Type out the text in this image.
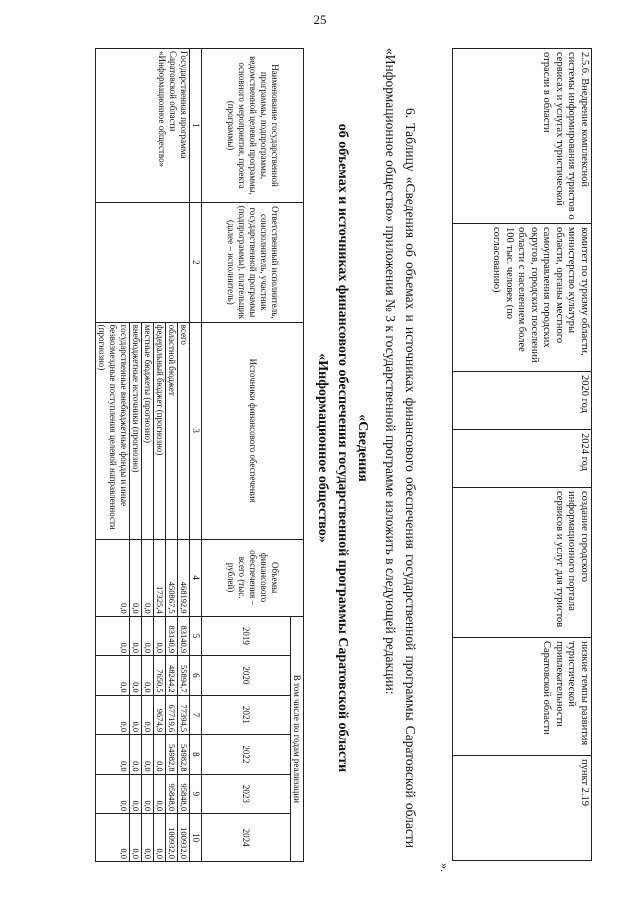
25
2.5.6. Внедрение комплексной системы информирования туристов о сервисах и услугах туристической отрасли в области	комитет по туризму области, министерство культуры области, органы местного самоуправления городских округов, городских поселений области с населением более 100 тыс. человек (по согласованию)	2020 год	2024 год	создание городского информационного портала сервисов и услуг для туристов	низкие темпы развития туристической привлекательности Саратовской области	пункт 2.19
».

6. Таблицу «Сведения об объемах и источниках финансового обеспечения государственной программы Саратовской области «Информационное общество» приложения № 3 к государственной программе изложить в следующей редакции:

«Сведения
об объемах и источниках финансового обеспечения государственной программы Саратовской области
«Информационное общество»
Наименование государственной программы, подпрограммы, ведомственной целевой программы, основного мероприятия, проекта (программы)	Ответственный исполнитель, соисполнитель, участник государственной программы (подпрограммы), плательщик (далее – исполнитель)	Источники финансового обеспечения	Объемы финансового обеспечения – всего (тыс. рублей)	В том числе по годам реализации					
				2019	2020	2021	2022	2023	2024
1	2	3	4	5	6	7	8	9	10
Государственная программа Саратовской области «Информационное общество»		всего	468192,9	83140,9	55894,7	77394,5	54982,8	95848,0	100932,0
		областной бюджет	450867,5	83140,9	48244,2	67719,6	54982,8	95848,0	100932,0
		федеральный бюджет (прогнозно)	17325,4	0,0	7650,5	9674,9	0,0	0,0	0,0
		местные бюджеты (прогнозно)	0,0	0,0	0,0	0,0	0,0	0,0	0,0
		внебюджетные источники (прогнозно)	0,0	0,0	0,0	0,0	0,0	0,0	0,0
		государственные внебюджетные фонды и иные безвозмездные поступления целевой направленности (прогнозно)	0,0	0,0	0,0	0,0	0,0	0,0	0,0
